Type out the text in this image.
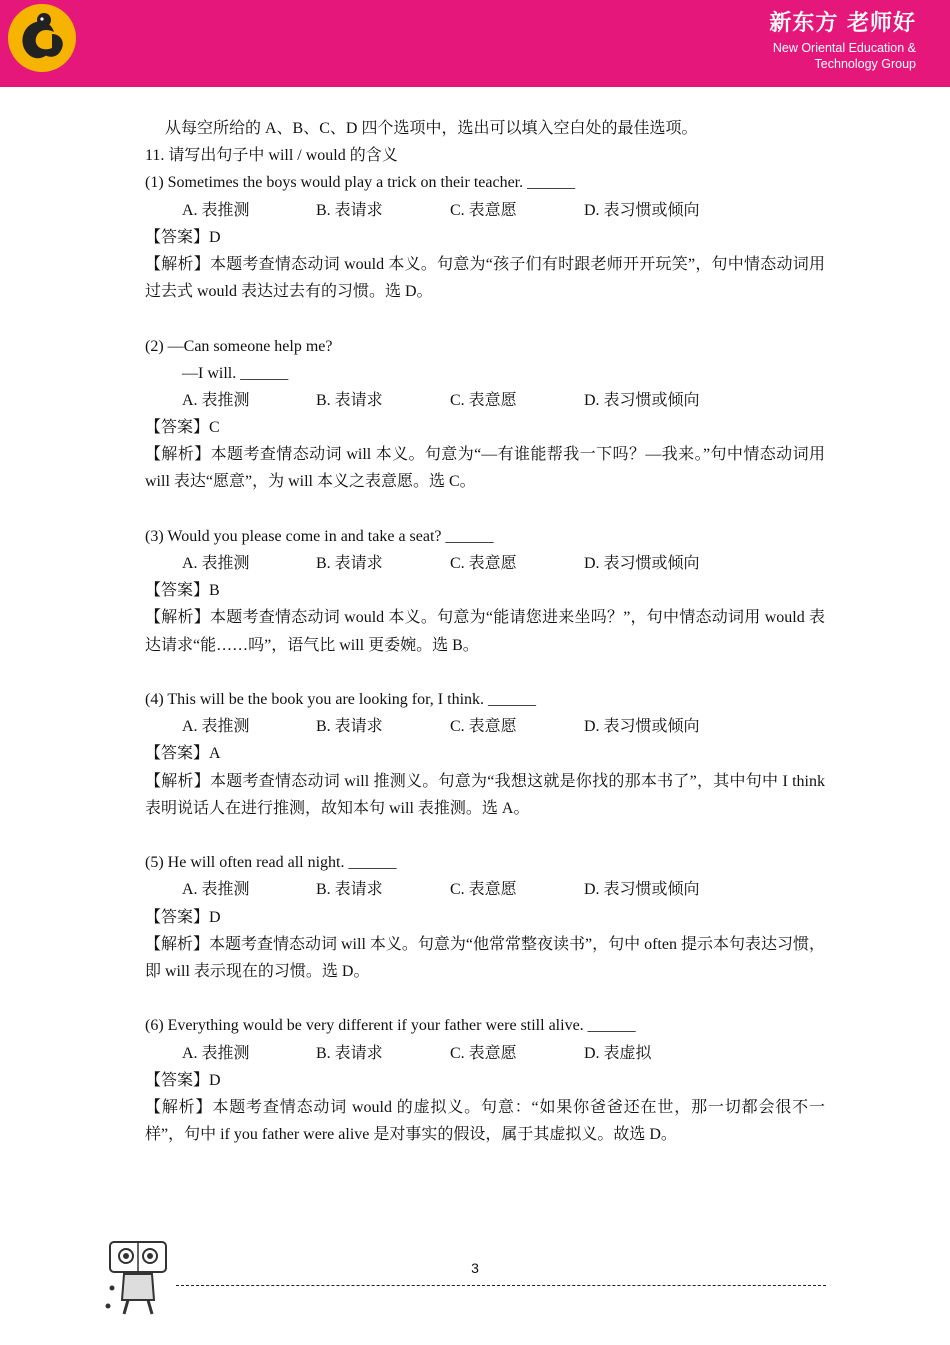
新东方 老师好
New Oriental Education &
Technology Group
从每空所给的 A、B、C、D 四个选项中，选出可以填入空白处的最佳选项。
11. 请写出句子中 will / would 的含义
(1) Sometimes the boys would play a trick on their teacher. ______
A. 表推测	B. 表请求	C. 表意愿	D. 表习惯或倾向
【答案】D
【解析】本题考查情态动词 would 本义。句意为“孩子们有时跟老师开开玩笑”，句中情态动词用过去式 would 表达过去有的习惯。选 D。
(2) —Can someone help me?
—I will. ______
A. 表推测	B. 表请求	C. 表意愿	D. 表习惯或倾向
【答案】C
【解析】本题考查情态动词 will 本义。句意为“—有谁能帮我一下吗？—我来。”句中情态动词用 will 表达“愿意”，为 will 本义之表意愿。选 C。
(3) Would you please come in and take a seat? ______
A. 表推测	B. 表请求	C. 表意愿	D. 表习惯或倾向
【答案】B
【解析】本题考查情态动词 would 本义。句意为“能请您进来坐吗？”，句中情态动词用 would 表达请求“能……吗”，语气比 will 更委婉。选 B。
(4) This will be the book you are looking for, I think. ______
A. 表推测	B. 表请求	C. 表意愿	D. 表习惯或倾向
【答案】A
【解析】本题考查情态动词 will 推测义。句意为“我想这就是你找的那本书了”，其中句中 I think 表明说话人在进行推测，故知本句 will 表推测。选 A。
(5) He will often read all night. ______
A. 表推测	B. 表请求	C. 表意愿	D. 表习惯或倾向
【答案】D
【解析】本题考查情态动词 will 本义。句意为“他常常整夜读书”，句中 often 提示本句表达习惯，即 will 表示现在的习惯。选 D。
(6) Everything would be very different if your father were still alive. ______
A. 表推测	B. 表请求	C. 表意愿	D. 表虚拟
【答案】D
【解析】本题考查情态动词 would 的虚拟义。句意：“如果你爸爸还在世，那一切都会很不一样”，句中 if you father were alive 是对事实的假设，属于其虚拟义。故选 D。
3
